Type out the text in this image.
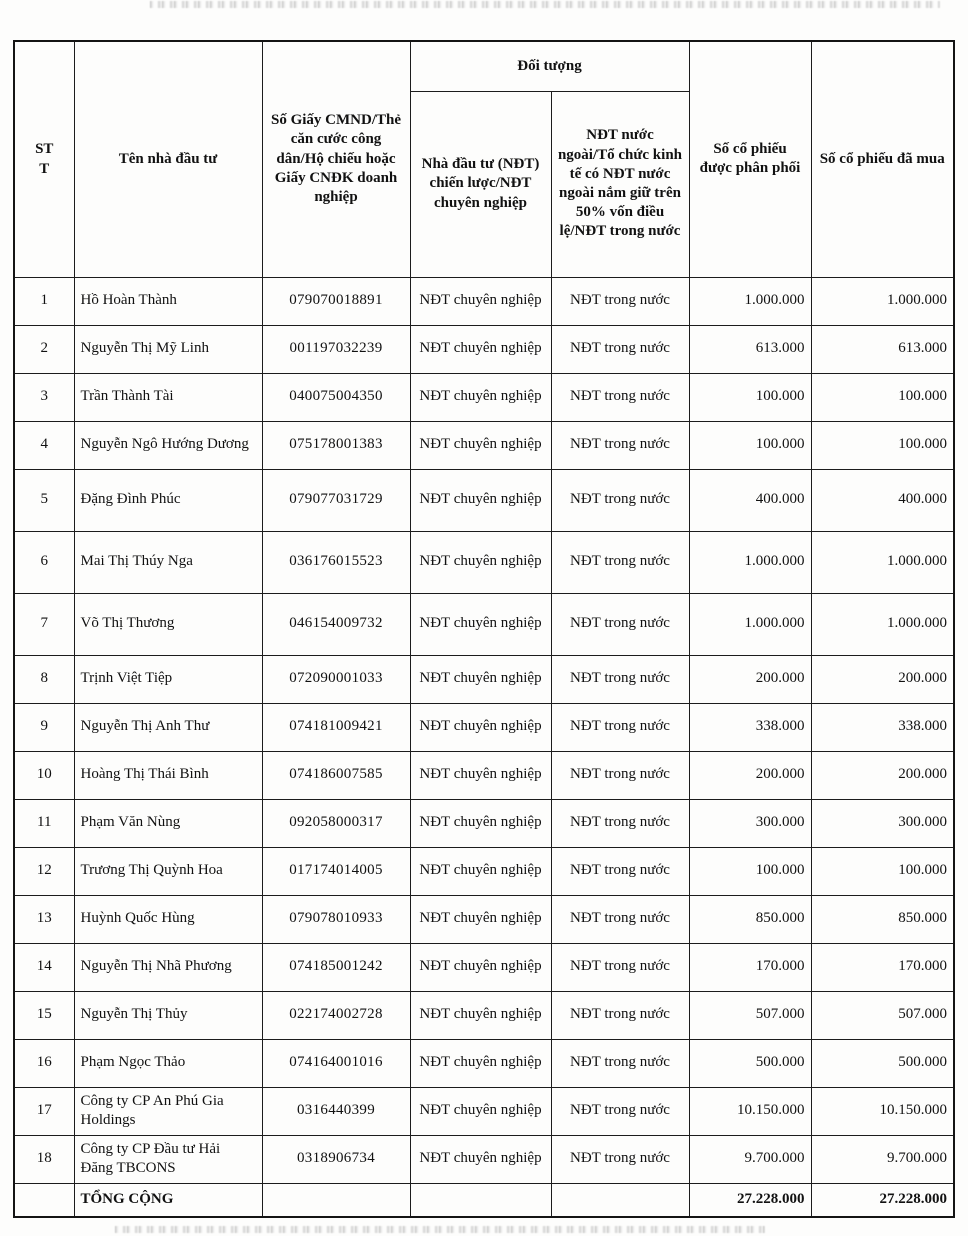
STT	Tên nhà đầu tư	Số Giấy CMND/Thẻ căn cước công dân/Hộ chiếu hoặc Giấy CNĐK doanh nghiệp	Đối tượng		Số cổ phiếu được phân phối	Số cổ phiếu đã mua
			Nhà đầu tư (NĐT) chiến lược/NĐT chuyên nghiệp	NĐT nước ngoài/Tổ chức kinh tế có NĐT nước ngoài nắm giữ trên 50% vốn điều lệ/NĐT trong nước		
1	Hồ Hoàn Thành	079070018891	NĐT chuyên nghiệp	NĐT trong nước	1.000.000	1.000.000
2	Nguyễn Thị Mỹ Linh	001197032239	NĐT chuyên nghiệp	NĐT trong nước	613.000	613.000
3	Trần Thành Tài	040075004350	NĐT chuyên nghiệp	NĐT trong nước	100.000	100.000
4	Nguyễn Ngô Hướng Dương	075178001383	NĐT chuyên nghiệp	NĐT trong nước	100.000	100.000
5	Đặng Đình Phúc	079077031729	NĐT chuyên nghiệp	NĐT trong nước	400.000	400.000
6	Mai Thị Thúy Nga	036176015523	NĐT chuyên nghiệp	NĐT trong nước	1.000.000	1.000.000
7	Võ Thị Thương	046154009732	NĐT chuyên nghiệp	NĐT trong nước	1.000.000	1.000.000
8	Trịnh Việt Tiệp	072090001033	NĐT chuyên nghiệp	NĐT trong nước	200.000	200.000
9	Nguyễn Thị Anh Thư	074181009421	NĐT chuyên nghiệp	NĐT trong nước	338.000	338.000
10	Hoàng Thị Thái Bình	074186007585	NĐT chuyên nghiệp	NĐT trong nước	200.000	200.000
11	Phạm Văn Nùng	092058000317	NĐT chuyên nghiệp	NĐT trong nước	300.000	300.000
12	Trương Thị Quỳnh Hoa	017174014005	NĐT chuyên nghiệp	NĐT trong nước	100.000	100.000
13	Huỳnh Quốc Hùng	079078010933	NĐT chuyên nghiệp	NĐT trong nước	850.000	850.000
14	Nguyễn Thị Nhã Phương	074185001242	NĐT chuyên nghiệp	NĐT trong nước	170.000	170.000
15	Nguyễn Thị Thủy	022174002728	NĐT chuyên nghiệp	NĐT trong nước	507.000	507.000
16	Phạm Ngọc Thảo	074164001016	NĐT chuyên nghiệp	NĐT trong nước	500.000	500.000
17	Công ty CP An Phú Gia Holdings	0316440399	NĐT chuyên nghiệp	NĐT trong nước	10.150.000	10.150.000
18	Công ty CP Đầu tư Hải Đăng TBCONS	0318906734	NĐT chuyên nghiệp	NĐT trong nước	9.700.000	9.700.000
	TỔNG CỘNG				27.228.000	27.228.000
